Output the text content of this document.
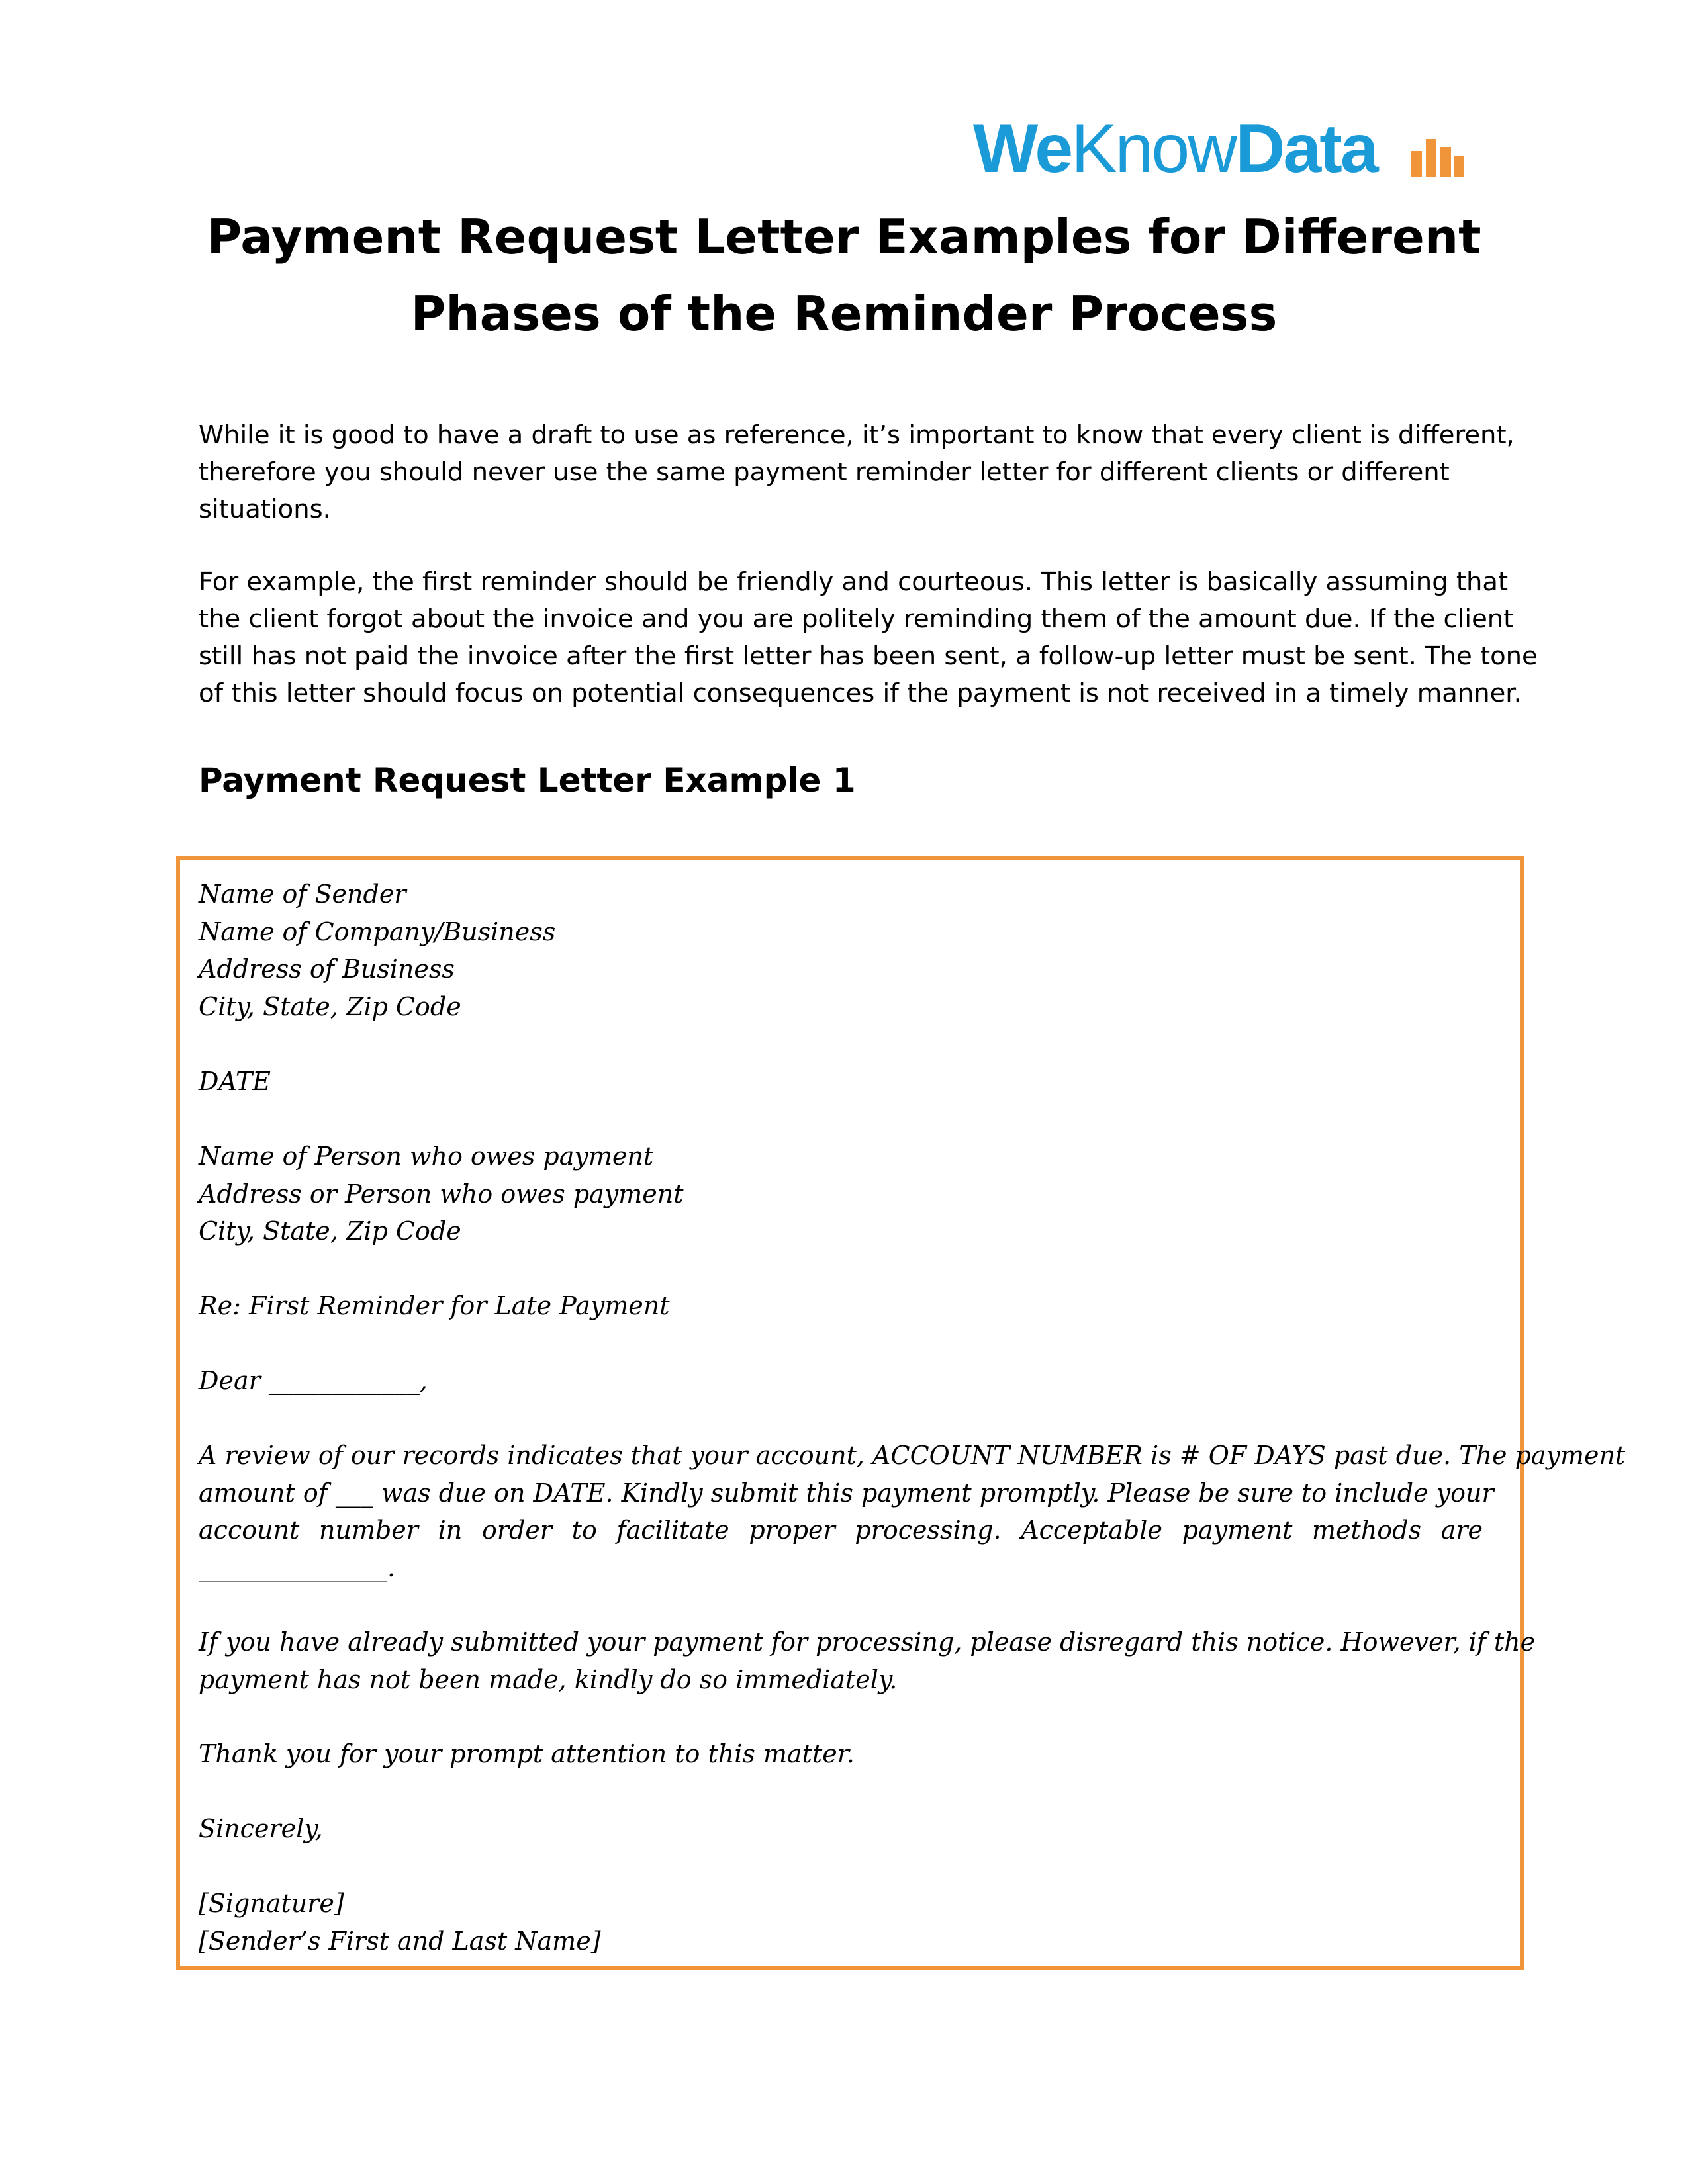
WeKnowData
Payment Request Letter Examples for Different
Phases of the Reminder Process

While it is good to have a draft to use as reference, it’s important to know that every client is different,
therefore you should never use the same payment reminder letter for different clients or different
situations.

For example, the first reminder should be friendly and courteous. This letter is basically assuming that
the client forgot about the invoice and you are politely reminding them of the amount due. If the client
still has not paid the invoice after the first letter has been sent, a follow-up letter must be sent. The tone
of this letter should focus on potential consequences if the payment is not received in a timely manner.

Payment Request Letter Example 1

Name of Sender
Name of Company/Business
Address of Business
City, State, Zip Code

DATE

Name of Person who owes payment
Address or Person who owes payment
City, State, Zip Code

Re: First Reminder for Late Payment

Dear ____________,

A review of our records indicates that your account, ACCOUNT NUMBER is # OF DAYS past due. The payment
amount of ___ was due on DATE. Kindly submit this payment promptly. Please be sure to include your
account number in order to facilitate proper processing. Acceptable payment methods are
_______________.

If you have already submitted your payment for processing, please disregard this notice. However, if the
payment has not been made, kindly do so immediately.

Thank you for your prompt attention to this matter.

Sincerely,

[Signature]
[Sender’s First and Last Name]
